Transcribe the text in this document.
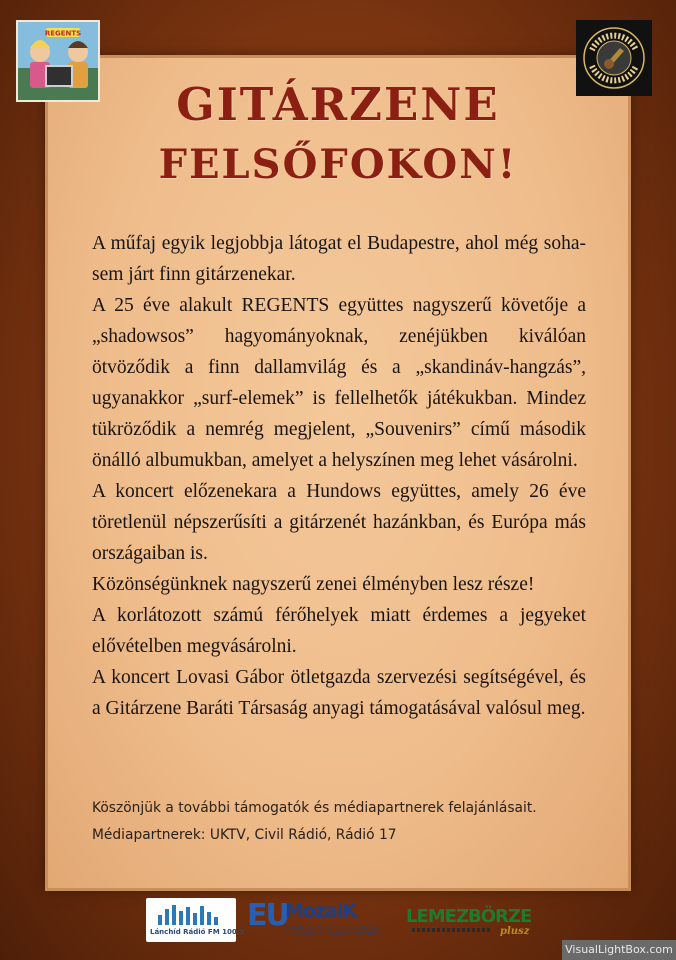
REGENTS
GITÁRZENE
FELSŐFOKON!

A műfaj egyik legjobbja látogat el Budapestre, ahol még sohasem járt finn gitárzenekar.

A 25 éve alakult REGENTS együttes nagyszerű követője a „shadowsos” hagyományoknak, zenéjükben kiválóan ötvöződik a finn dallamvilág és a „skandináv-hangzás”, ugyanakkor „surf-elemek” is fellelhetők játékukban. Mindez tükröződik a nemrég megjelent, „Souvenirs” című második önálló albumukban, amelyet a helyszínen meg lehet vásárolni.

A koncert előzenekara a Hundows együttes, amely 26 éve töretlenül népszerűsíti a gitárzenét hazánkban, és Európa más országaiban is.

Közönségünknek nagyszerű zenei élményben lesz része!

A korlátozott számú férőhelyek miatt érdemes a jegyeket elővételben megvásárolni.

A koncert Lovasi Gábor ötletgazda szervezési segítségével, és a Gitárzene Baráti Társaság anyagi támogatásával valósul meg.

Köszönjük a további támogatók és médiapartnerek felajánlásait.

Médiapartnerek: UKTV, Civil Rádió, Rádió 17

Lánchíd Rádió FM 100.3 EU
MozaiK
SZÍNES EURÓPAI HÍRMAGAZIN AZ EUROPARLTV HIVATALOS PARTNERE
LEMEZBÖRZE
plusz
VisualLightBox.com
